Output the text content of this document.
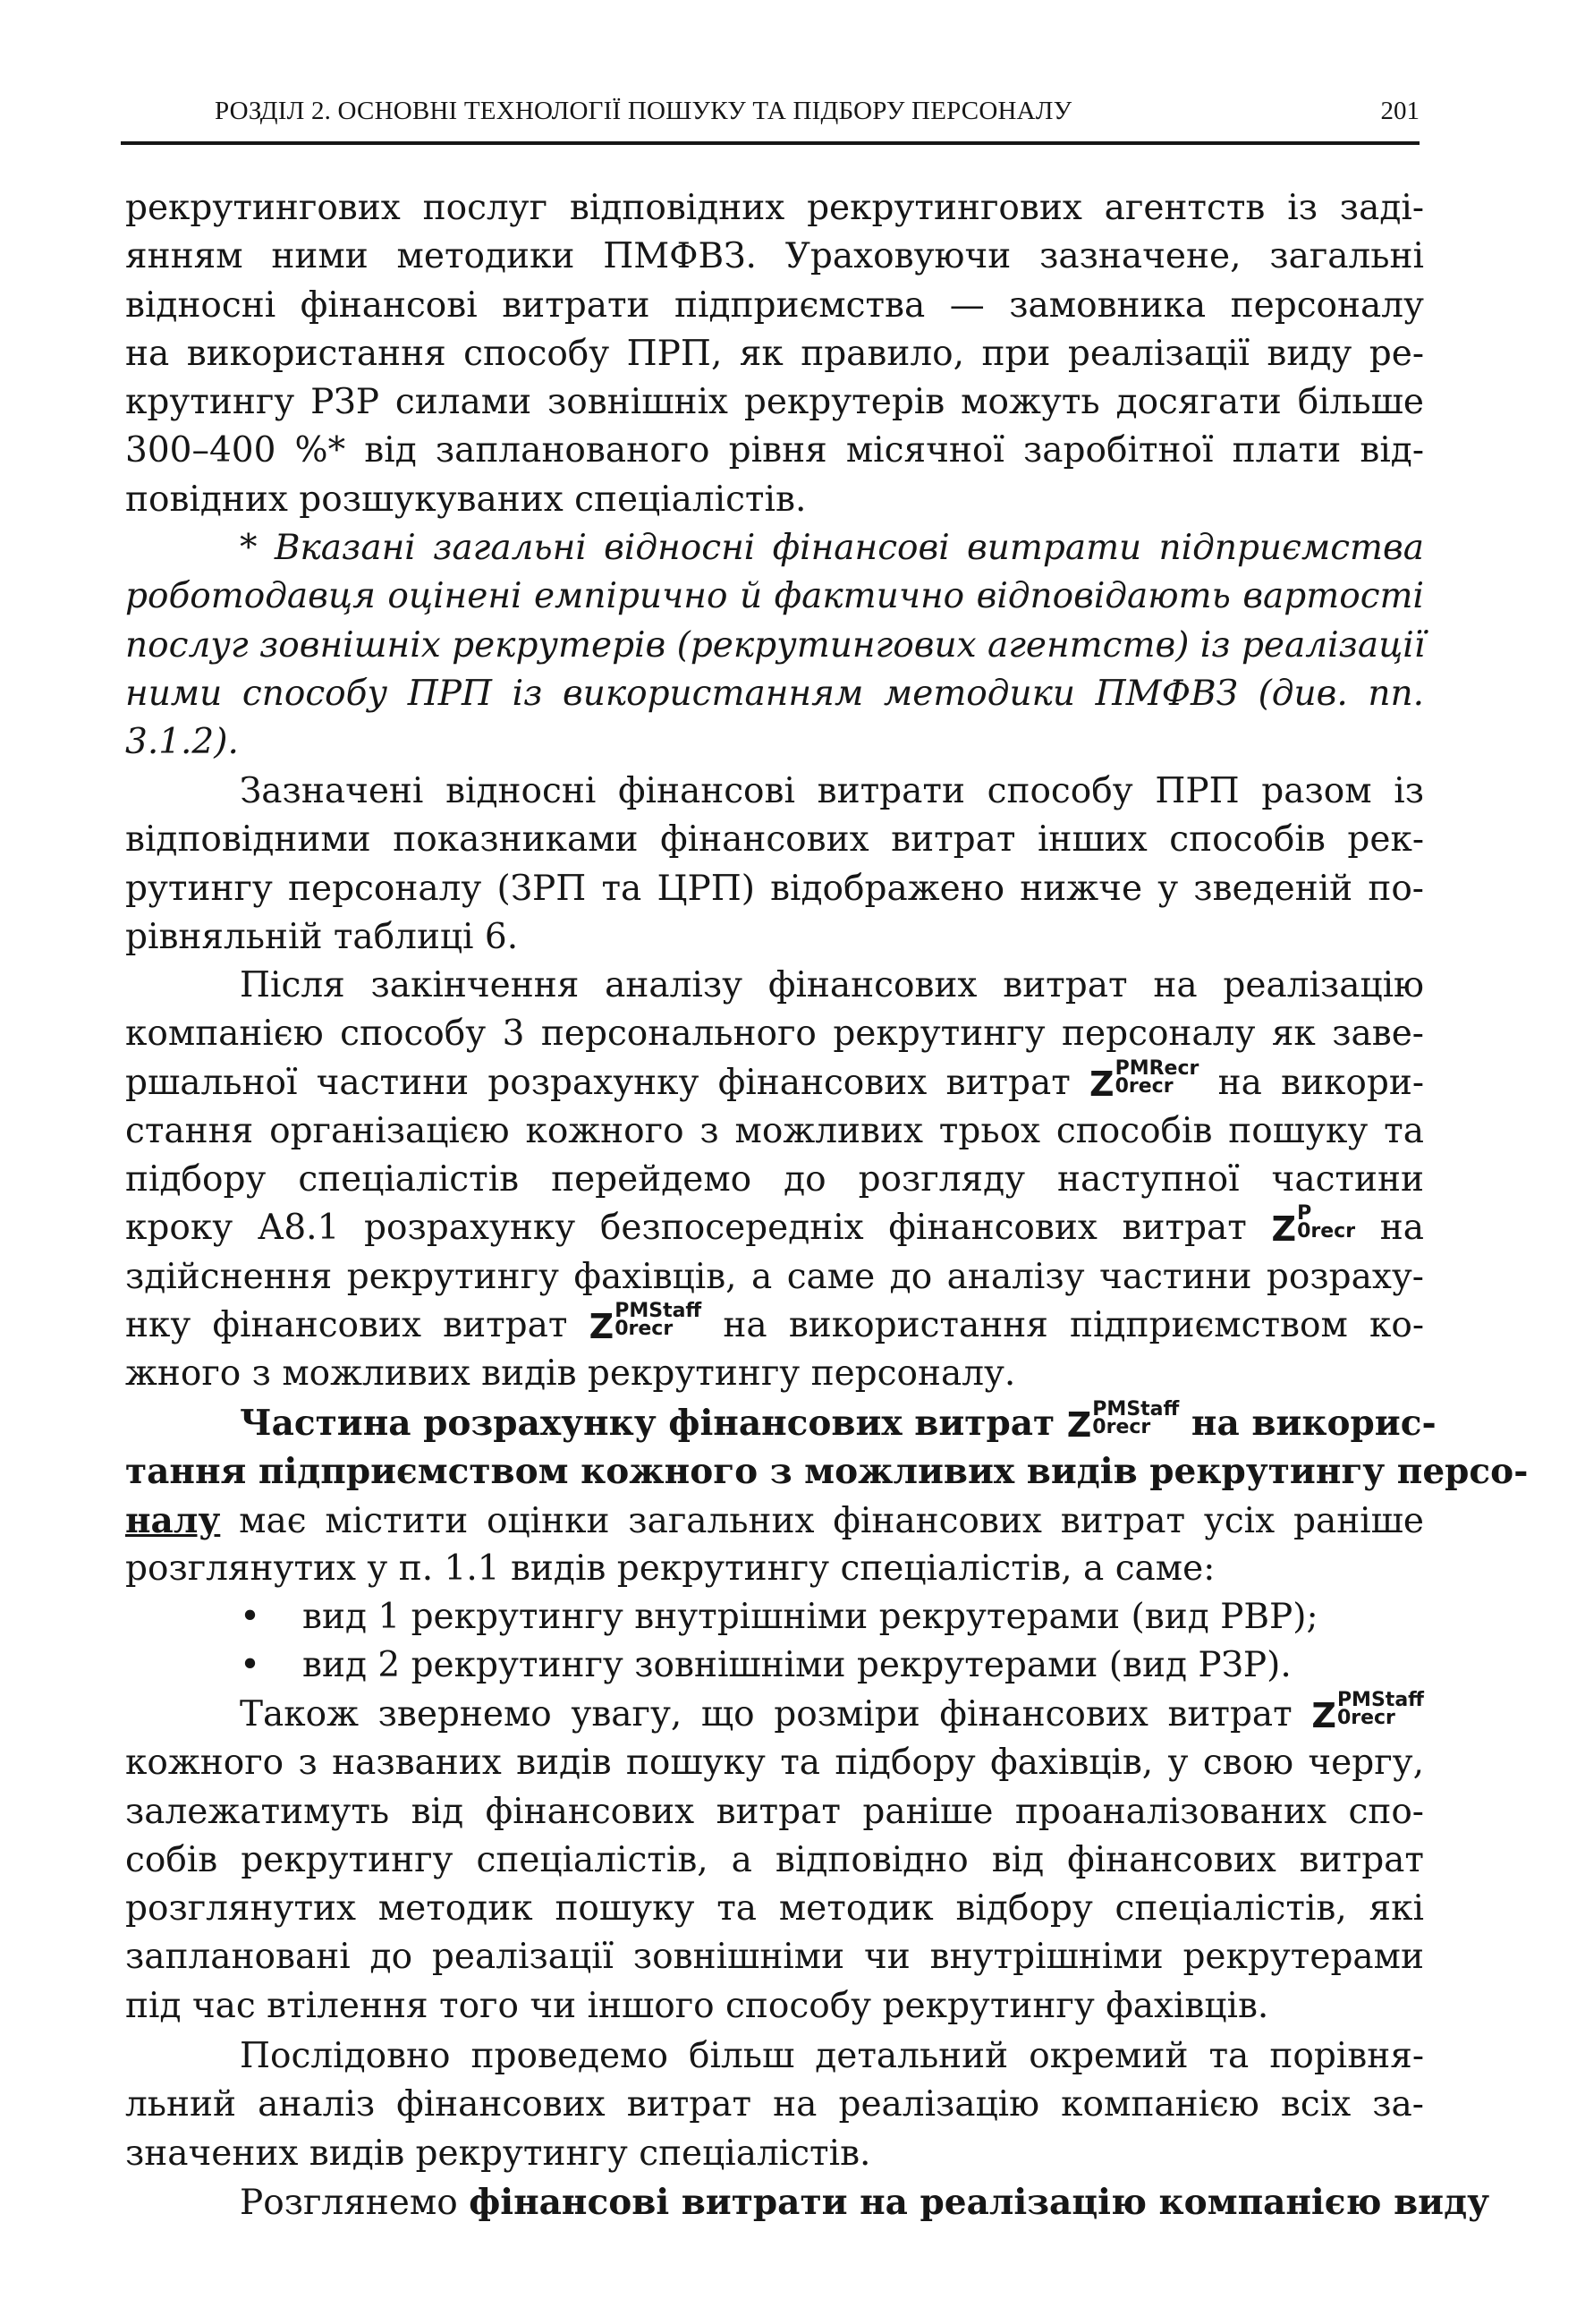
РОЗДІЛ 2. ОСНОВНІ ТЕХНОЛОГІЇ ПОШУКУ ТА ПІДБОРУ ПЕРСОНАЛУ	201
рекрутингових послуг відповідних рекрутингових агентств із заді-
янням ними методики ПМФВЗ. Ураховуючи зазначене, загальні
відносні фінансові витрати підприємства — замовника персоналу
на використання способу ПРП, як правило, при реалізації виду ре-
крутингу РЗР силами зовнішніх рекрутерів можуть досягати більше
300–400 %* від запланованого рівня місячної заробітної плати від-
повідних розшукуваних спеціалістів.
* Вказані загальні відносні фінансові витрати підприємства
роботодавця оцінені емпірично й фактично відповідають вартості
послуг зовнішніх рекрутерів (рекрутингових агентств) із реалізації
ними способу ПРП із використанням методики ПМФВЗ (див. пп.
3.1.2).
Зазначені відносні фінансові витрати способу ПРП разом із
відповідними показниками фінансових витрат інших способів рек-
рутингу персоналу (ЗРП та ЦРП) відображено нижче у зведеній по-
рівняльній таблиці 6.
Після закінчення аналізу фінансових витрат на реалізацію
компанією способу 3 персонального рекрутингу персоналу як заве-
ршальної частини розрахунку фінансових витрат Z PMRecr
0recr	на викори-
стання організацією кожного з можливих трьох способів пошуку та
підбору спеціалістів перейдемо до розгляду наступної частини
кроку А8.1 розрахунку безпосередніх фінансових витрат Z P
0recr на
здійснення рекрутингу фахівців, а саме до аналізу частини розраху-
нку фінансових витрат Z PMStaff
0recr	на використання підприємством ко-
жного з можливих видів рекрутингу персоналу.
Частина розрахунку фінансових витрат Z PMStaff
0recr	на викорис-
тання підприємством кожного з можливих видів рекрутингу персо-
налу має містити оцінки загальних фінансових витрат усіх раніше
розглянутих у п. 1.1 видів рекрутингу спеціалістів, а саме:
• вид 1 рекрутингу внутрішніми рекрутерами (вид РВР);
• вид 2 рекрутингу зовнішніми рекрутерами (вид РЗР).
Також звернемо увагу, що розміри фінансових витрат Z PMStaff
0recr
кожного з названих видів пошуку та підбору фахівців, у свою чергу,
залежатимуть від фінансових витрат раніше проаналізованих спо-
собів рекрутингу спеціалістів, а відповідно від фінансових витрат
розглянутих методик пошуку та методик відбору спеціалістів, які
заплановані до реалізації зовнішніми чи внутрішніми рекрутерами
під час втілення того чи іншого способу рекрутингу фахівців.
Послідовно проведемо більш детальний окремий та порівня-
льний аналіз фінансових витрат на реалізацію компанією всіх за-
значених видів рекрутингу спеціалістів.
Розглянемо фінансові витрати на реалізацію компанією виду
